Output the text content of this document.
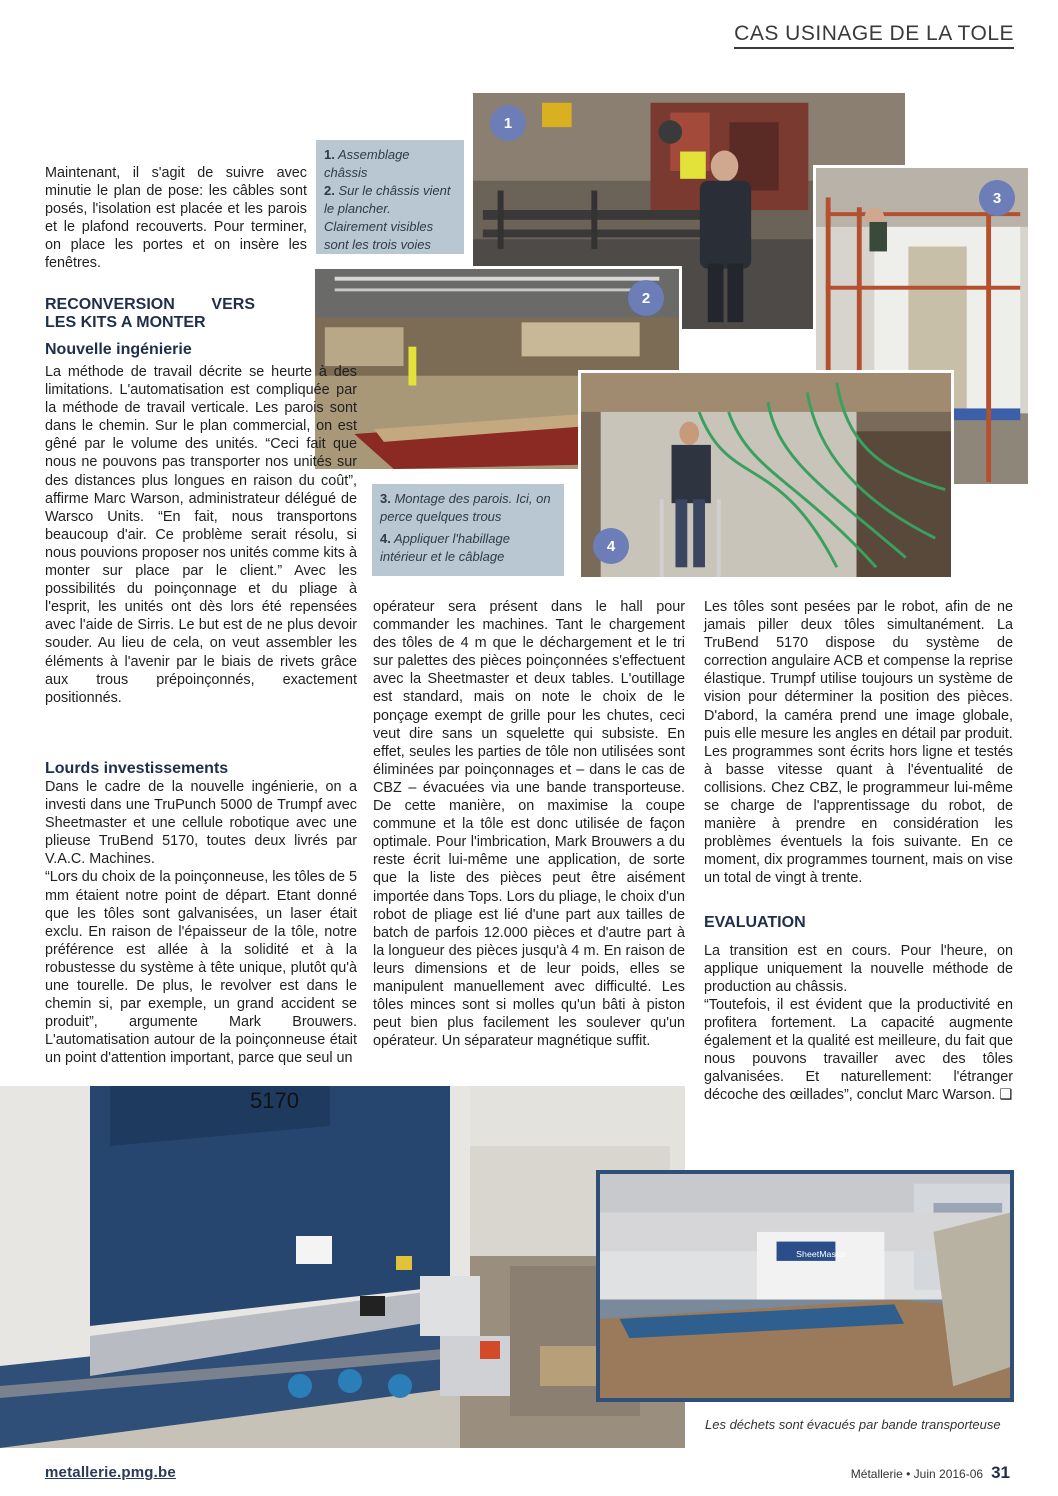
CAS USINAGE DE LA TOLE
1
1. Assemblage châssis
2. Sur le châssis vient le plancher. Clairement visibles sont les trois voies
3
2
4
3. Montage des parois. Ici, on perce quelques trous
4. Appliquer l'habillage intérieur et le câblage

Maintenant, il s'agit de suivre avec minutie le plan de pose: les câbles sont posés, l'isolation est placée et les parois et le plafond recouverts. Pour terminer, on place les portes et on insère les fenêtres.

RECONVERSION VERS LES KITS A MONTER
Nouvelle ingénierie

La méthode de travail décrite se heurte à des limitations. L'automatisation est compliquée par la méthode de travail verticale. Les parois sont dans le chemin. Sur le plan commercial, on est gêné par le volume des unités. “Ceci fait que nous ne pouvons pas transporter nos unités sur des distances plus longues en raison du coût”, affirme Marc Warson, administrateur délégué de Warsco Units. “En fait, nous transportons beaucoup d'air. Ce problème serait résolu, si nous pouvions proposer nos unités comme kits à monter sur place par le client.” Avec les possibilités du poinçonnage et du pliage à l'esprit, les unités ont dès lors été repensées avec l'aide de Sirris. Le but est de ne plus devoir souder. Au lieu de cela, on veut assembler les éléments à l'avenir par le biais de rivets grâce aux trous prépoinçonnés, exactement positionnés.

Lourds investissements

Dans le cadre de la nouvelle ingénierie, on a investi dans une TruPunch 5000 de Trumpf avec Sheetmaster et une cellule robotique avec une plieuse TruBend 5170, toutes deux livrés par V.A.C. Machines.

“Lors du choix de la poinçonneuse, les tôles de 5 mm étaient notre point de départ. Etant donné que les tôles sont galvanisées, un laser était exclu. En raison de l'épaisseur de la tôle, notre préférence est allée à la solidité et à la robustesse du système à tête unique, plutôt qu'à une tourelle. De plus, le revolver est dans le chemin si, par exemple, un grand accident se produit”, argumente Mark Brouwers. L'automatisation autour de la poinçonneuse était un point d'attention important, parce que seul un

opérateur sera présent dans le hall pour commander les machines. Tant le chargement des tôles de 4 m que le déchargement et le tri sur palettes des pièces poinçonnées s'effectuent avec la Sheetmaster et deux tables. L'outillage est standard, mais on note le choix de le ponçage exempt de grille pour les chutes, ceci veut dire sans un squelette qui subsiste. En effet, seules les parties de tôle non utilisées sont éliminées par poinçonnages et – dans le cas de CBZ – évacuées via une bande transporteuse. De cette manière, on maximise la coupe commune et la tôle est donc utilisée de façon optimale. Pour l'imbrication, Mark Brouwers a du reste écrit lui-même une application, de sorte que la liste des pièces peut être aisément importée dans Tops. Lors du pliage, le choix d'un robot de pliage est lié d'une part aux tailles de batch de parfois 12.000 pièces et d'autre part à la longueur des pièces jusqu'à 4 m. En raison de leurs dimensions et de leur poids, elles se manipulent manuellement avec difficulté. Les tôles minces sont si molles qu'un bâti à piston peut bien plus facilement les soulever qu'un opérateur. Un séparateur magnétique suffit.

Les tôles sont pesées par le robot, afin de ne jamais piller deux tôles simultanément. La TruBend 5170 dispose du système de correction angulaire ACB et compense la reprise élastique. Trumpf utilise toujours un système de vision pour déterminer la position des pièces. D'abord, la caméra prend une image globale, puis elle mesure les angles en détail par produit.

Les programmes sont écrits hors ligne et testés à basse vitesse quant à l'éventualité de collisions. Chez CBZ, le programmeur lui-même se charge de l'apprentissage du robot, de manière à prendre en considération les problèmes éventuels la fois suivante. En ce moment, dix programmes tournent, mais on vise un total de vingt à trente.

EVALUATION

La transition est en cours. Pour l'heure, on applique uniquement la nouvelle méthode de production au châssis.

“Toutefois, il est évident que la productivité en profitera fortement. La capacité augmente également et la qualité est meilleure, du fait que nous pouvons travailler avec des tôles galvanisées. Et naturellement: l'étranger décoche des œillades”, conclut Marc Warson. ❑

5170
SheetMaster
Les déchets sont évacués par bande transporteuse
metallerie.pmg.be	Métallerie • Juin 2016-06 31
